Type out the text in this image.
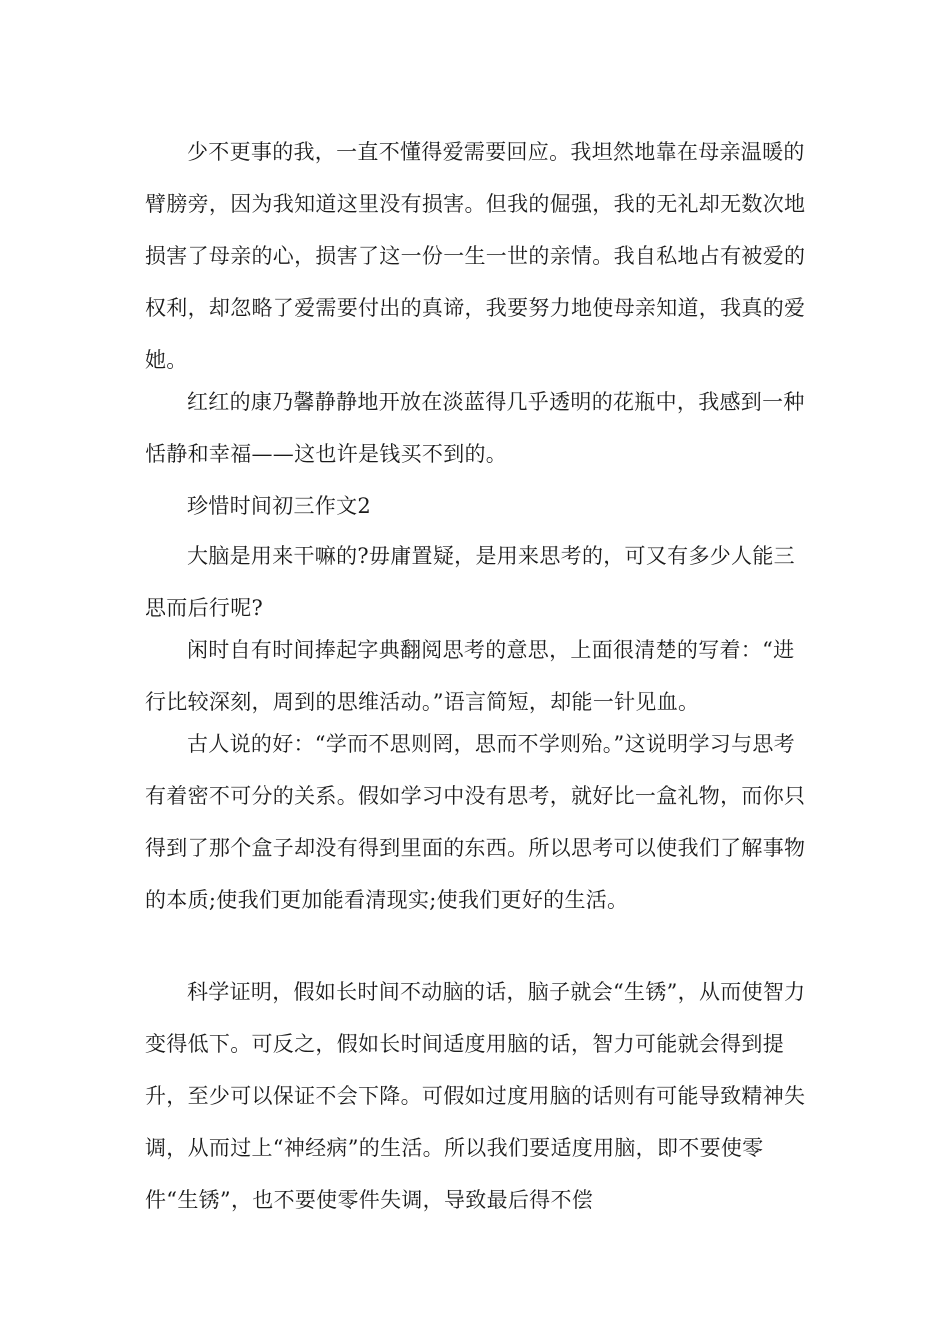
少不更事的我，一直不懂得爱需要回应。我坦然地靠在母亲温暖的臂膀旁，因为我知道这里没有损害。但我的倔强，我的无礼却无数次地损害了母亲的心，损害了这一份一生一世的亲情。我自私地占有被爱的权利，却忽略了爱需要付出的真谛，我要努力地使母亲知道，我真的爱她。

红红的康乃馨静静地开放在淡蓝得几乎透明的花瓶中，我感到一种恬静和幸福——这也许是钱买不到的。

珍惜时间初三作文2

大脑是用来干嘛的?毋庸置疑，是用来思考的，可又有多少人能三思而后行呢?

闲时自有时间捧起字典翻阅思考的意思，上面很清楚的写着：“进行比较深刻，周到的思维活动。”语言简短，却能一针见血。

古人说的好：“学而不思则罔，思而不学则殆。”这说明学习与思考有着密不可分的关系。假如学习中没有思考，就好比一盒礼物，而你只得到了那个盒子却没有得到里面的东西。所以思考可以使我们了解事物的本质;使我们更加能看清现实;使我们更好的生活。

科学证明，假如长时间不动脑的话，脑子就会“生锈”，从而使智力变得低下。可反之，假如长时间适度用脑的话，智力可能就会得到提升，至少可以保证不会下降。可假如过度用脑的话则有可能导致精神失调，从而过上“神经病”的生活。所以我们要适度用脑，即不要使零件“生锈”，也不要使零件失调，导致最后得不偿
